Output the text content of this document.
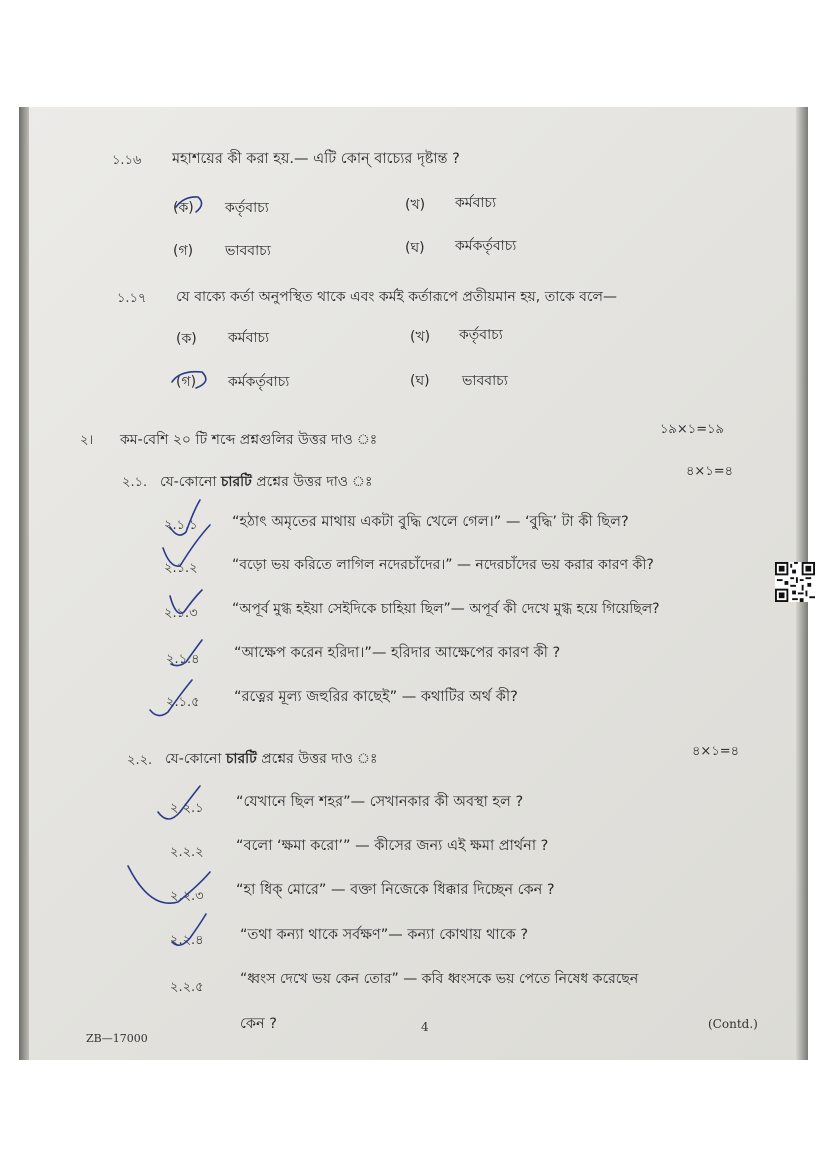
১.১৬ মহাশয়ের কী করা হয়.— এটি কোন্ বাচ্যের দৃষ্টান্ত ?
(ক) কর্তৃবাচ্য	(খ) কর্মবাচ্য
(গ) ভাববাচ্য	(ঘ) কর্মকর্তৃবাচ্য
১.১৭ যে বাক্যে কর্তা অনুপস্থিত থাকে এবং কর্মই কর্তারূপে প্রতীয়মান হয়, তাকে বলে—
(ক) কর্মবাচ্য	(খ) কর্তৃবাচ্য
(গ) কর্মকর্তৃবাচ্য	(ঘ) ভাববাচ্য
২। কম-বেশি ২০ টি শব্দে প্রশ্নগুলির উত্তর দাও ঃ
১৯×১=১৯
২.১. যে-কোনো চারটি প্রশ্নের উত্তর দাও ঃ
৪×১=৪
২.১.১ “হঠাৎ অমৃতের মাথায় একটা বুদ্ধি খেলে গেল।” — ‘বুদ্ধি’ টা কী ছিল?
২.১.২ “বড়ো ভয় করিতে লাগিল নদেরচাঁদের।” — নদেরচাঁদের ভয় করার কারণ কী?
২.১.৩ “অপূর্ব মুগ্ধ হইয়া সেইদিকে চাহিয়া ছিল”— অপূর্ব কী দেখে মুগ্ধ হয়ে গিয়েছিল?
২.১.৪ “আক্ষেপ করেন হরিদা।”— হরিদার আক্ষেপের কারণ কী ?
২.১.৫ “রত্নের মূল্য জহুরির কাছেই” — কথাটির অর্থ কী?
২.২. যে-কোনো চারটি প্রশ্নের উত্তর দাও ঃ	৪×১=৪
২.২.১ “যেখানে ছিল শহর”— সেখানকার কী অবস্থা হল ?
২.২.২ “বলো ‘ক্ষমা করো’” — কীসের জন্য এই ক্ষমা প্রার্থনা ?
২.২.৩ “হা ধিক্ মোরে” — বক্তা নিজেকে ধিক্কার দিচ্ছেন কেন ?
২.২.৪	“তথা কন্যা থাকে সর্বক্ষণ”— কন্যা কোথায় থাকে ?
২.২.৫
“ধ্বংস দেখে ভয় কেন তোর” — কবি ধ্বংসকে ভয় পেতে নিষেধ করেছেন
কেন ?
ZB—17000
4	(Contd.)
